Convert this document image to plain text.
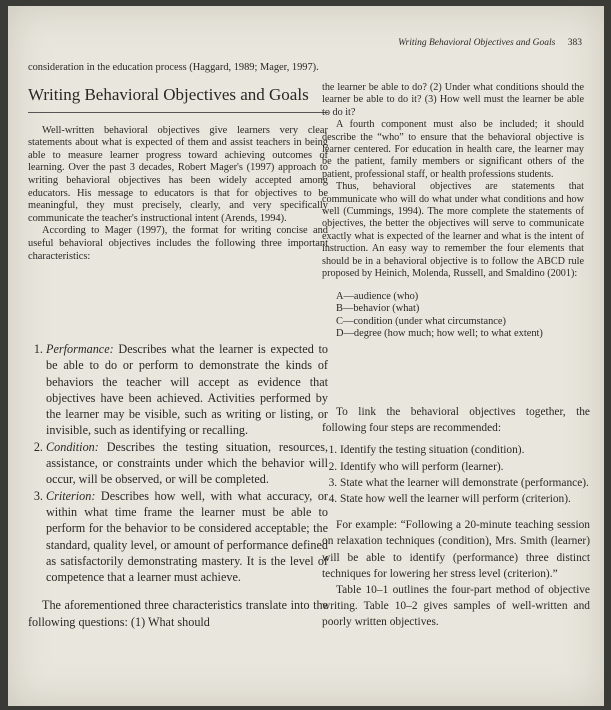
Writing Behavioral Objectives and Goals 383

consideration in the education process (Haggard, 1989; Mager, 1997).

Writing Behavioral Objectives and Goals

Well-written behavioral objectives give learners very clear statements about what is expected of them and assist teachers in being able to measure learner progress toward achieving outcomes of learning. Over the past 3 decades, Robert Mager's (1997) approach to writing behavioral objectives has been widely accepted among educators. His message to educators is that for objectives to be meaningful, they must precisely, clearly, and very specifically communicate the teacher's instructional intent (Arends, 1994).

According to Mager (1997), the format for writing concise and useful behavioral objectives includes the following three important characteristics:

1. Performance: Describes what the learner is expected to be able to do or perform to demonstrate the kinds of behaviors the teacher will accept as evidence that objectives have been achieved. Activities performed by the learner may be visible, such as writing or listing, or invisible, such as identifying or recalling.
2. Condition: Describes the testing situation, resources, assistance, or constraints under which the behavior will occur, will be observed, or will be completed.
3. Criterion: Describes how well, with what accuracy, or within what time frame the learner must be able to perform for the behavior to be considered acceptable; the standard, quality level, or amount of performance defined as satisfactorily demonstrating mastery. It is the level of competence that a learner must achieve.

The aforementioned three characteristics translate into the following questions: (1) What should

the learner be able to do? (2) Under what conditions should the learner be able to do it? (3) How well must the learner be able to do it?

A fourth component must also be included; it should describe the “who” to ensure that the behavioral objective is learner centered. For education in health care, the learner may be the patient, family members or significant others of the patient, professional staff, or health professions students.

Thus, behavioral objectives are statements that communicate who will do what under what conditions and how well (Cummings, 1994). The more complete the statements of objectives, the better the objectives will serve to communicate exactly what is expected of the learner and what is the intent of instruction. An easy way to remember the four elements that should be in a behavioral objective is to follow the ABCD rule proposed by Heinich, Molenda, Russell, and Smaldino (2001):

A—audience (who)
B—behavior (what)
C—condition (under what circumstance)
D—degree (how much; how well; to what extent)

To link the behavioral objectives together, the following four steps are recommended:

1. Identify the testing situation (condition).
2. Identify who will perform (learner).
3. State what the learner will demonstrate (performance).
4. State how well the learner will perform (criterion).

For example: “Following a 20-minute teaching session on relaxation techniques (condition), Mrs. Smith (learner) will be able to identify (performance) three distinct techniques for lowering her stress level (criterion).”

Table 10–1 outlines the four-part method of objective writing. Table 10–2 gives samples of well-written and poorly written objectives.
